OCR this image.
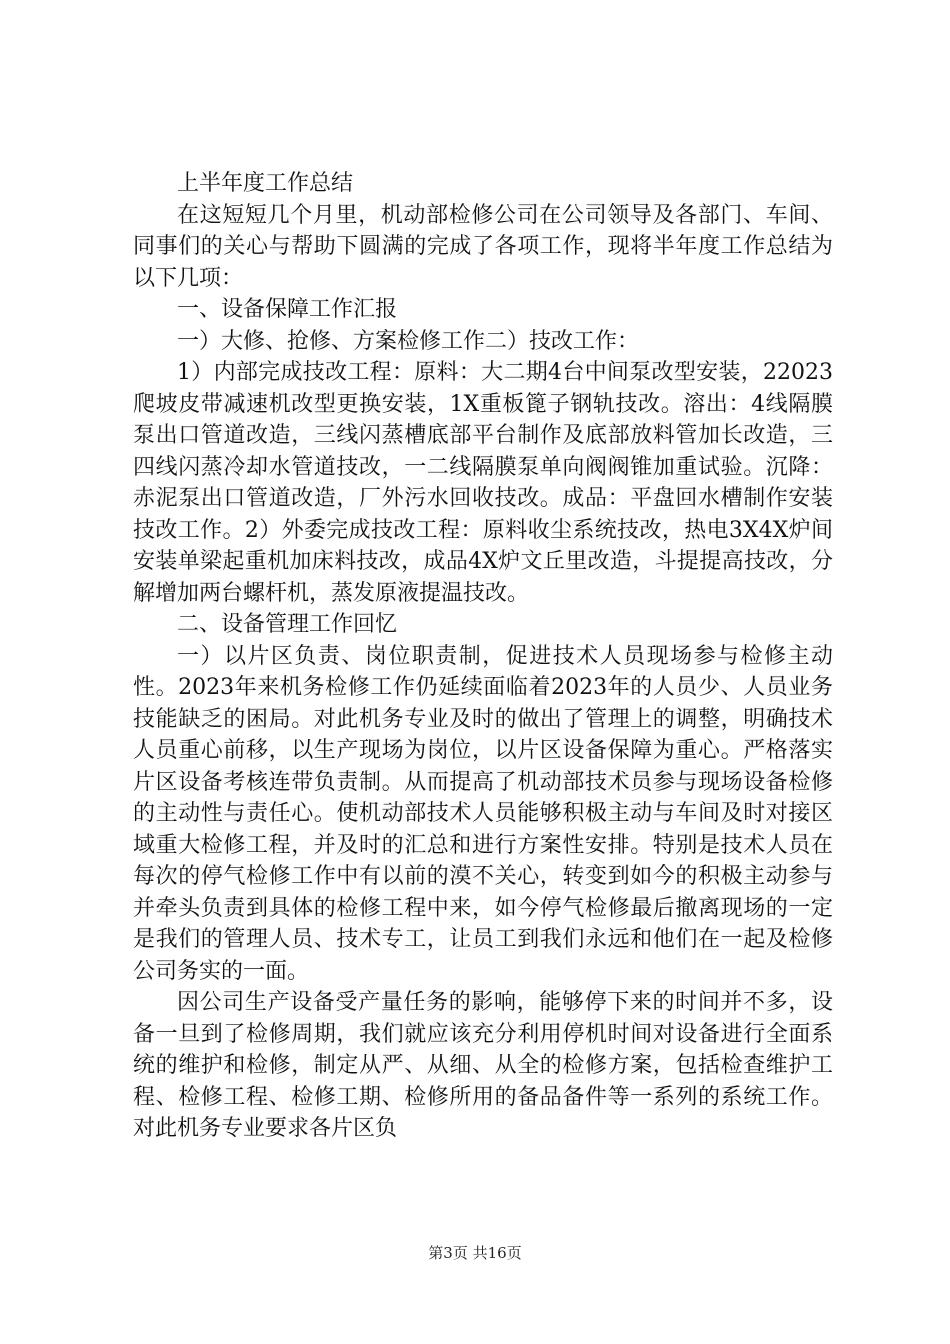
上半年度工作总结

在这短短几个月里，机动部检修公司在公司领导及各部门、车间、同事们的关心与帮助下圆满的完成了各项工作，现将半年度工作总结为以下几项：

一、设备保障工作汇报

一）大修、抢修、方案检修工作二）技改工作：

1）内部完成技改工程：原料：大二期4台中间泵改型安装，22023爬坡皮带减速机改型更换安装，1X重板篦子钢轨技改。溶出：4线隔膜泵出口管道改造，三线闪蒸槽底部平台制作及底部放料管加长改造，三四线闪蒸冷却水管道技改，一二线隔膜泵单向阀阀锥加重试验。沉降：赤泥泵出口管道改造，厂外污水回收技改。成品：平盘回水槽制作安装技改工作。2）外委完成技改工程：原料收尘系统技改，热电3X4X炉间安装单梁起重机加床料技改，成品4X炉文丘里改造，斗提提高技改，分解增加两台螺杆机，蒸发原液提温技改。

二、设备管理工作回忆

一）以片区负责、岗位职责制，促进技术人员现场参与检修主动性。2023年来机务检修工作仍延续面临着2023年的人员少、人员业务技能缺乏的困局。对此机务专业及时的做出了管理上的调整，明确技术人员重心前移，以生产现场为岗位，以片区设备保障为重心。严格落实片区设备考核连带负责制。从而提高了机动部技术员参与现场设备检修的主动性与责任心。使机动部技术人员能够积极主动与车间及时对接区域重大检修工程，并及时的汇总和进行方案性安排。特别是技术人员在每次的停气检修工作中有以前的漠不关心，转变到如今的积极主动参与并牵头负责到具体的检修工程中来，如今停气检修最后撤离现场的一定是我们的管理人员、技术专工，让员工到我们永远和他们在一起及检修公司务实的一面。

因公司生产设备受产量任务的影响，能够停下来的时间并不多，设备一旦到了检修周期，我们就应该充分利用停机时间对设备进行全面系统的维护和检修，制定从严、从细、从全的检修方案，包括检查维护工程、检修工程、检修工期、检修所用的备品备件等一系列的系统工作。对此机务专业要求各片区负

第3页 共16页
